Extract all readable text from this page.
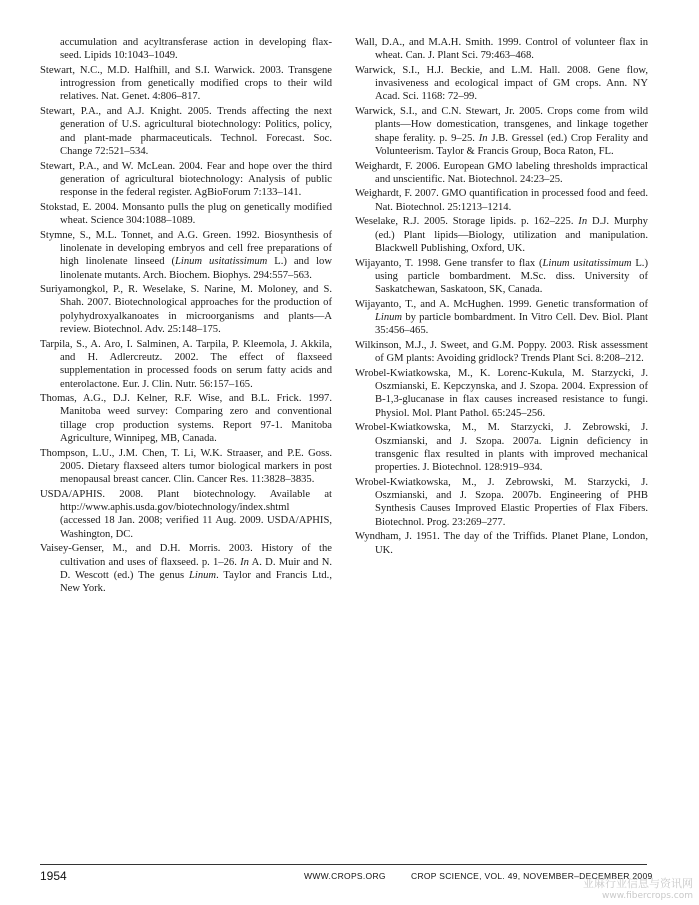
accumulation and acyltransferase action in developing flax-seed. Lipids 10:1043–1049.

Stewart, N.C., M.D. Halfhill, and S.I. Warwick. 2003. Transgene introgression from genetically modified crops to their wild relatives. Nat. Genet. 4:806–817.

Stewart, P.A., and A.J. Knight. 2005. Trends affecting the next generation of U.S. agricultural biotechnology: Politics, policy, and plant-made pharmaceuticals. Technol. Forecast. Soc. Change 72:521–534.

Stewart, P.A., and W. McLean. 2004. Fear and hope over the third generation of agricultural biotechnology: Analysis of public response in the federal register. AgBioForum 7:133–141.

Stokstad, E. 2004. Monsanto pulls the plug on genetically modified wheat. Science 304:1088–1089.

Stymne, S., M.L. Tonnet, and A.G. Green. 1992. Biosynthesis of linolenate in developing embryos and cell free preparations of high linolenate linseed (Linum usitatissimum L.) and low linolenate mutants. Arch. Biochem. Biophys. 294:557–563.

Suriyamongkol, P., R. Weselake, S. Narine, M. Moloney, and S. Shah. 2007. Biotechnological approaches for the production of polyhydroxyalkanoates in microorganisms and plants—A review. Biotechnol. Adv. 25:148–175.

Tarpila, S., A. Aro, I. Salminen, A. Tarpila, P. Kleemola, J. Akkila, and H. Adlercreutz. 2002. The effect of flaxseed supplementation in processed foods on serum fatty acids and enterolactone. Eur. J. Clin. Nutr. 56:157–165.

Thomas, A.G., D.J. Kelner, R.F. Wise, and B.L. Frick. 1997. Manitoba weed survey: Comparing zero and conventional tillage crop production systems. Report 97-1. Manitoba Agriculture, Winnipeg, MB, Canada.

Thompson, L.U., J.M. Chen, T. Li, W.K. Straaser, and P.E. Goss. 2005. Dietary flaxseed alters tumor biological markers in post menopausal breast cancer. Clin. Cancer Res. 11:3828–3835.

USDA/APHIS. 2008. Plant biotechnology. Available at http://www.aphis.usda.gov/biotechnology/index.shtml (accessed 18 Jan. 2008; verified 11 Aug. 2009. USDA/APHIS, Washington, DC.

Vaisey-Genser, M., and D.H. Morris. 2003. History of the cultivation and uses of flaxseed. p. 1–26. In A. D. Muir and N. D. Wescott (ed.) The genus Linum. Taylor and Francis Ltd., New York.

Wall, D.A., and M.A.H. Smith. 1999. Control of volunteer flax in wheat. Can. J. Plant Sci. 79:463–468.

Warwick, S.I., H.J. Beckie, and L.M. Hall. 2008. Gene flow, invasiveness and ecological impact of GM crops. Ann. NY Acad. Sci. 1168: 72–99.

Warwick, S.I., and C.N. Stewart, Jr. 2005. Crops come from wild plants—How domestication, transgenes, and linkage together shape ferality. p. 9–25. In J.B. Gressel (ed.) Crop Ferality and Volunteerism. Taylor & Francis Group, Boca Raton, FL.

Weighardt, F. 2006. European GMO labeling thresholds impractical and unscientific. Nat. Biotechnol. 24:23–25.

Weighardt, F. 2007. GMO quantification in processed food and feed. Nat. Biotechnol. 25:1213–1214.

Weselake, R.J. 2005. Storage lipids. p. 162–225. In D.J. Murphy (ed.) Plant lipids—Biology, utilization and manipulation. Blackwell Publishing, Oxford, UK.

Wijayanto, T. 1998. Gene transfer to flax (Linum usitatissimum L.) using particle bombardment. M.Sc. diss. University of Saskatchewan, Saskatoon, SK, Canada.

Wijayanto, T., and A. McHughen. 1999. Genetic transformation of Linum by particle bombardment. In Vitro Cell. Dev. Biol. Plant 35:456–465.

Wilkinson, M.J., J. Sweet, and G.M. Poppy. 2003. Risk assessment of GM plants: Avoiding gridlock? Trends Plant Sci. 8:208–212.

Wrobel-Kwiatkowska, M., K. Lorenc-Kukula, M. Starzycki, J. Oszmianski, E. Kepczynska, and J. Szopa. 2004. Expression of B-1,3-glucanase in flax causes increased resistance to fungi. Physiol. Mol. Plant Pathol. 65:245–256.

Wrobel-Kwiatkowska, M., M. Starzycki, J. Zebrowski, J. Oszmianski, and J. Szopa. 2007a. Lignin deficiency in transgenic flax resulted in plants with improved mechanical properties. J. Biotechnol. 128:919–934.

Wrobel-Kwiatkowska, M., J. Zebrowski, M. Starzycki, J. Oszmianski, and J. Szopa. 2007b. Engineering of PHB Synthesis Causes Improved Elastic Properties of Flax Fibers. Biotechnol. Prog. 23:269–277.

Wyndham, J. 1951. The day of the Triffids. Planet Plane, London, UK.

1954	WWW.CROPS.ORG	CROP SCIENCE, VOL. 49, NOVEMBER–DECEMBER 2009
亚麻行业信息与资讯网
www.fibercrops.com
